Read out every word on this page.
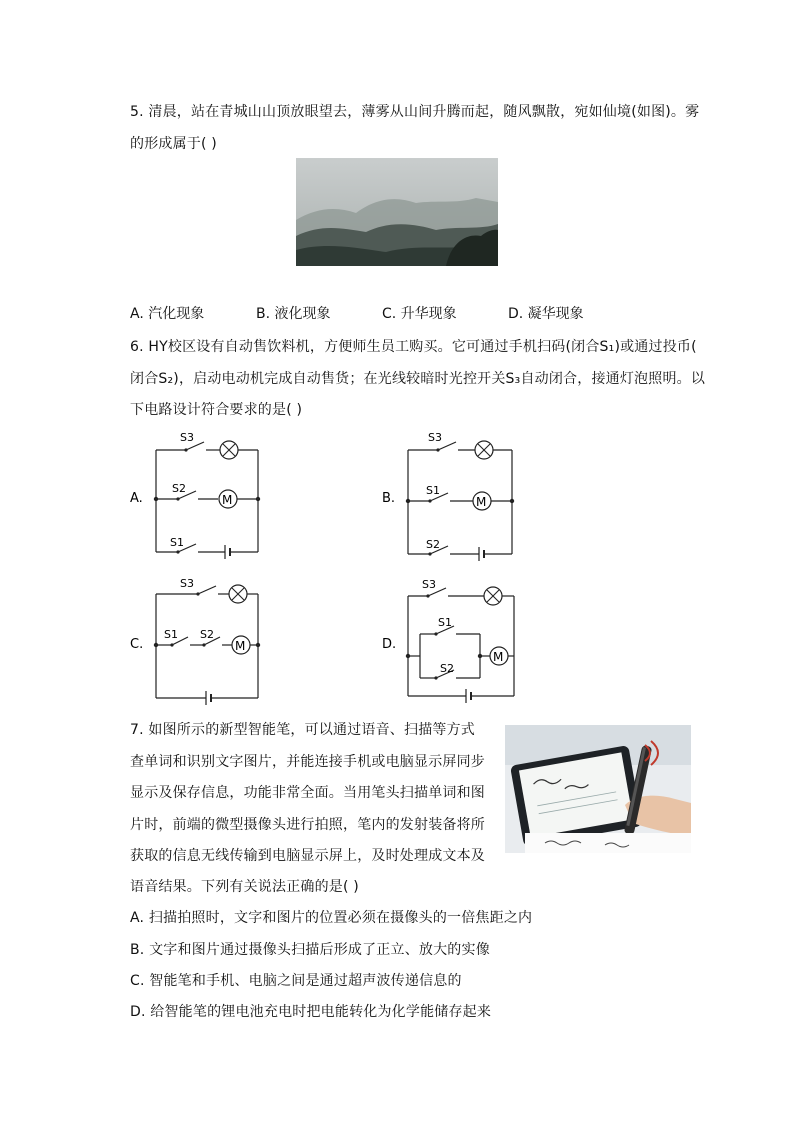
5. 清晨，站在青城山山顶放眼望去，薄雾从山间升腾而起，随风飘散，宛如仙境(如图)。雾
的形成属于( )
A. 汽化现象	B. 液化现象	C. 升华现象	D. 凝华现象
6. HY校区设有自动售饮料机，方便师生员工购买。它可通过手机扫码(闭合S₁)或通过投币(
闭合S₂)，启动电动机完成自动售货；在光线较暗时光控开关S₃自动闭合，接通灯泡照明。以
下电路设计符合要求的是( )
A.
S3
M
S2
S1
B.
S3
M
S1
S2
C.
S3
M
S1 S2
D.
S3
S1
S2
M
7. 如图所示的新型智能笔，可以通过语音、扫描等方式
查单词和识别文字图片，并能连接手机或电脑显示屏同步
显示及保存信息，功能非常全面。当用笔头扫描单词和图
片时，前端的微型摄像头进行拍照，笔内的发射装备将所
获取的信息无线传输到电脑显示屏上，及时处理成文本及
语音结果。下列有关说法正确的是( )
A. 扫描拍照时，文字和图片的位置必须在摄像头的一倍焦距之内
B. 文字和图片通过摄像头扫描后形成了正立、放大的实像
C. 智能笔和手机、电脑之间是通过超声波传递信息的
D. 给智能笔的锂电池充电时把电能转化为化学能储存起来
